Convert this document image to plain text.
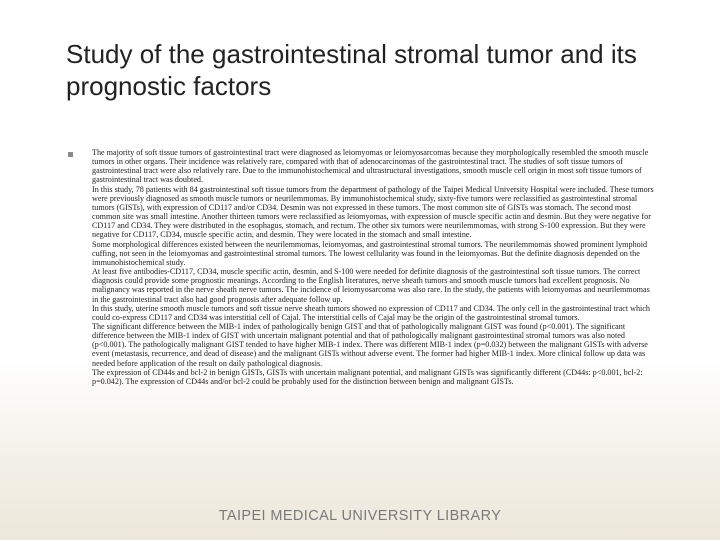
Study of the gastrointestinal stromal tumor and its prognostic factors

The majority of soft tissue tumors of gastrointestinal tract were diagnosed as leiomyomas or leiomyosarcomas because they morphologically resembled the smooth muscle tumors in other organs. Their incidence was relatively rare, compared with that of adenocarcinomas of the gastrointestinal tract. The studies of soft tissue tumors of gastrointestinal tract were also relatively rare. Due to the immunohistochemical and ultrastructural investigations, smooth muscle cell origin in most soft tissue tumors of gastrointestinal tract was doubted.

In this study, 78 patients with 84 gastrointestinal soft tissue tumors from the department of pathology of the Taipei Medical University Hospital were included. These tumors were previously diagnosed as smooth muscle tumors or neurilemmomas. By immunohistochemical study, sixty-five tumors were reclassified as gastrointestinal stromal tumors (GISTs), with expression of CD117 and/or CD34. Desmin was not expressed in these tumors. The most common site of GISTs was stomach. The second most common site was small intestine. Another thirteen tumors were reclassified as leiomyomas, with expression of muscle specific actin and desmin. But they were negative for CD117 and CD34. They were distributed in the esophagus, stomach, and rectum. The other six tumors were neurilemmomas, with strong S-100 expression. But they were negative for CD117, CD34, muscle specific actin, and desmin. They were located in the stomach and small intestine.

Some morphological differences existed between the neurilemmomas, leiomyomas, and gastrointestinal stromal tumors. The neurilemmomas showed prominent lymphoid cuffing, not seen in the leiomyomas and gastrointestinal stromal tumors. The lowest cellularity was found in the leiomyomas. But the definite diagnosis depended on the immunohistochemical study.

At least five antibodies-CD117, CD34, muscle specific actin, desmin, and S-100 were needed for definite diagnosis of the gastrointestinal soft tissue tumors. The correct diagnosis could provide some prognostic meanings. According to the English literatures, nerve sheath tumors and smooth muscle tumors had excellent prognosis. No malignancy was reported in the nerve sheath nerve tumors. The incidence of leiomyosarcoma was also rare. In the study, the patients with leiomyomas and neurilemmomas in the gastrointestinal tract also had good prognosis after adequate follow up.

In this study, uterine smooth muscle tumors and soft tissue nerve sheath tumors showed no expression of CD117 and CD34. The only cell in the gastrointestinal tract which could co-express CD117 and CD34 was interstitial cell of Cajal. The interstitial cells of Cajal may be the origin of the gastrointestinal stromal tumors.

The significant difference between the MIB-1 index of pathologically benign GIST and that of pathologically malignant GIST was found (p<0.001). The significant difference between the MIB-1 index of GIST with uncertain malignant potential and that of pathologically malignant gastrointestinal stromal tumors was also noted (p<0.001). The pathologically malignant GIST tended to have higher MIB-1 index. There was different MIB-1 index (p=0.032) between the malignant GISTs with adverse event (metastasis, recurrence, and dead of disease) and the malignant GISTs without adverse event. The former had higher MIB-1 index. More clinical follow up data was needed before application of the result on daily pathological diagnosis.

The expression of CD44s and bcl-2 in benign GISTs, GISTs with uncertain malignant potential, and malignant GISTs was significantly different (CD44s: p<0.001, bcl-2: p=0.042). The expression of CD44s and/or bcl-2 could be probably used for the distinction between benign and malignant GISTs.

TAIPEI MEDICAL UNIVERSITY LIBRARY
